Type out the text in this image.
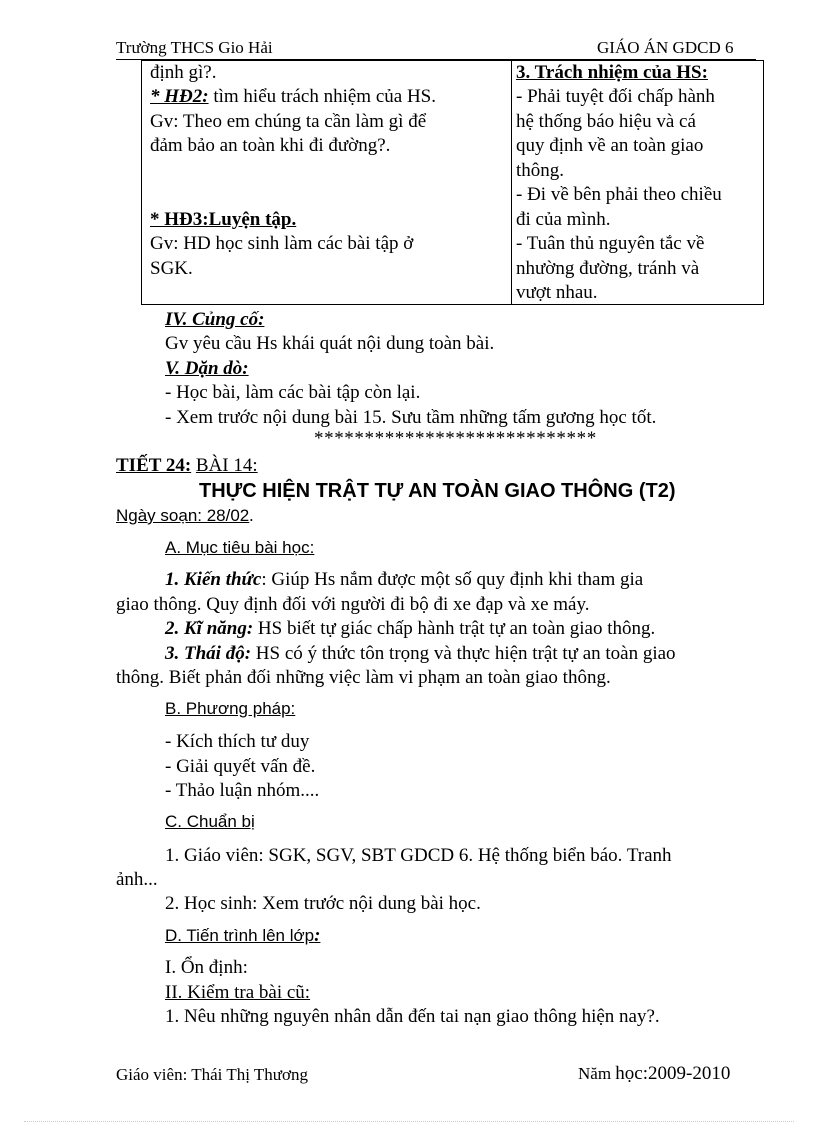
Trường THCS Gio Hải	GIÁO ÁN GDCD 6
định gì?.
* HĐ2: tìm hiểu trách nhiệm của HS.
Gv: Theo em chúng ta cần làm gì để
đảm bảo an toàn khi đi đường?.
* HĐ3:Luyện tập.
Gv: HD học sinh làm các bài tập ở
SGK.
3. Trách nhiệm của HS:
- Phải tuyệt đối chấp hành
hệ thống báo hiệu và cá
quy định về an toàn giao
thông.
- Đi về bên phải theo chiều
đi của mình.
- Tuân thủ nguyên tắc về
nhường đường, tránh và
vượt nhau.
IV. Củng cố:
Gv yêu cầu Hs khái quát nội dung toàn bài.
V. Dặn dò:
- Học bài, làm các bài tập còn lại.
- Xem trước nội dung bài 15. Sưu tầm những tấm gương học tốt.
****************************
TIẾT 24: BÀI 14:
THỰC HIỆN TRẬT TỰ AN TOÀN GIAO THÔNG (T2)
Ngày soạn: 28/02.
A. Mục tiêu bài học:
1. Kiến thức: Giúp Hs nắm được một số quy định khi tham gia
giao thông. Quy định đối với người đi bộ đi xe đạp và xe máy.
2. Kĩ năng: HS biết tự giác chấp hành trật tự an toàn giao thông.
3. Thái độ: HS có ý thức tôn trọng và thực hiện trật tự an toàn giao
thông. Biết phản đối những việc làm vi phạm an toàn giao thông.
B. Phương pháp:
- Kích thích tư duy
- Giải quyết vấn đề.
- Thảo luận nhóm....
C. Chuẩn bị
1. Giáo viên: SGK, SGV, SBT GDCD 6. Hệ thống biển báo. Tranh
ảnh...
2. Học sinh: Xem trước nội dung bài học.
D. Tiến trình lên lớp:
I. Ổn định:
II. Kiểm tra bài cũ:
1. Nêu những nguyên nhân dẫn đến tai nạn giao thông hiện nay?.
Giáo viên: Thái Thị Thương	Năm học:2009-2010
